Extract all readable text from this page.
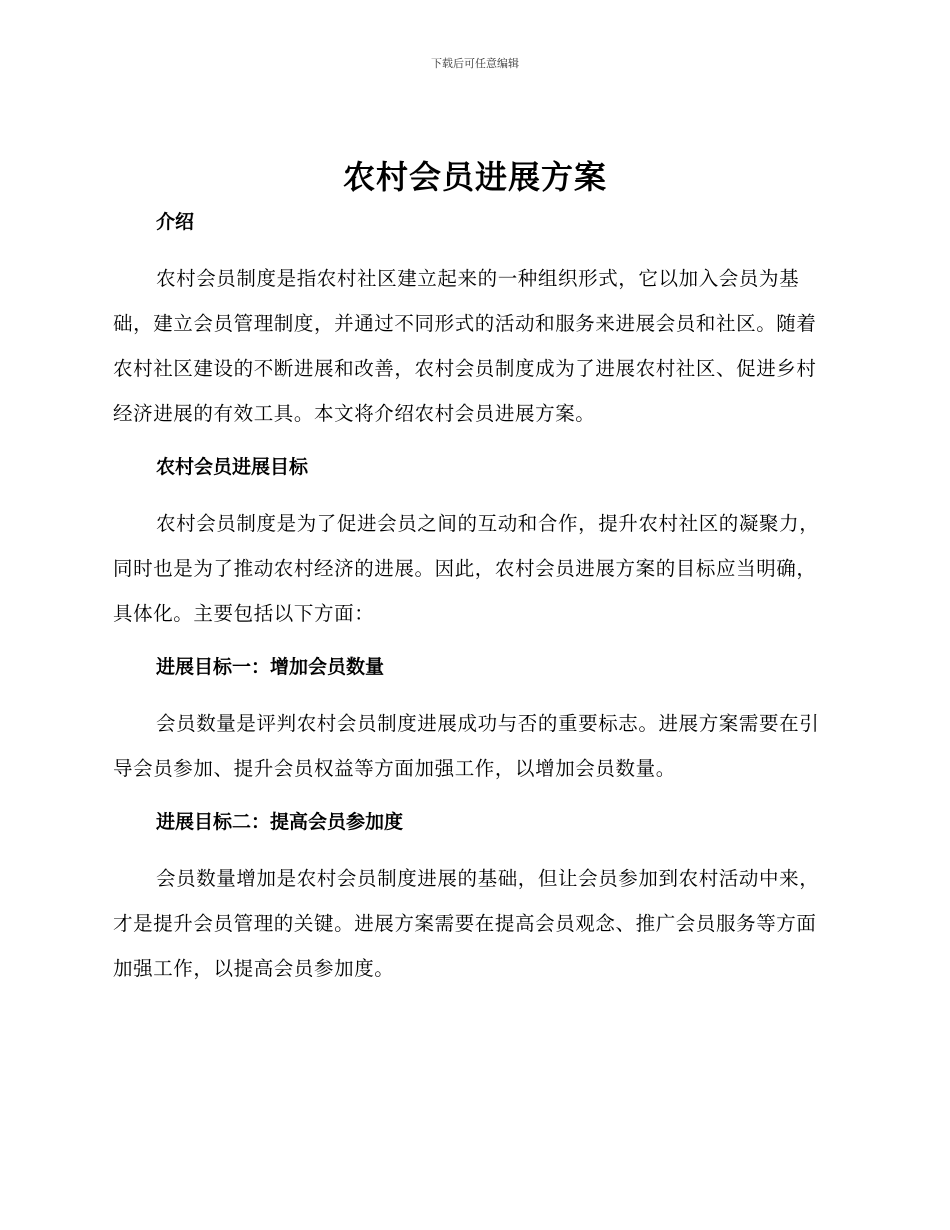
下载后可任意编辑
农村会员进展方案
介绍

农村会员制度是指农村社区建立起来的一种组织形式，它以加入会员为基础，建立会员管理制度，并通过不同形式的活动和服务来进展会员和社区。随着农村社区建设的不断进展和改善，农村会员制度成为了进展农村社区、促进乡村经济进展的有效工具。本文将介绍农村会员进展方案。

农村会员进展目标

农村会员制度是为了促进会员之间的互动和合作，提升农村社区的凝聚力，同时也是为了推动农村经济的进展。因此，农村会员进展方案的目标应当明确，具体化。主要包括以下方面：

进展目标一：增加会员数量

会员数量是评判农村会员制度进展成功与否的重要标志。进展方案需要在引导会员参加、提升会员权益等方面加强工作，以增加会员数量。

进展目标二：提高会员参加度

会员数量增加是农村会员制度进展的基础，但让会员参加到农村活动中来，才是提升会员管理的关键。进展方案需要在提高会员观念、推广会员服务等方面加强工作，以提高会员参加度。
